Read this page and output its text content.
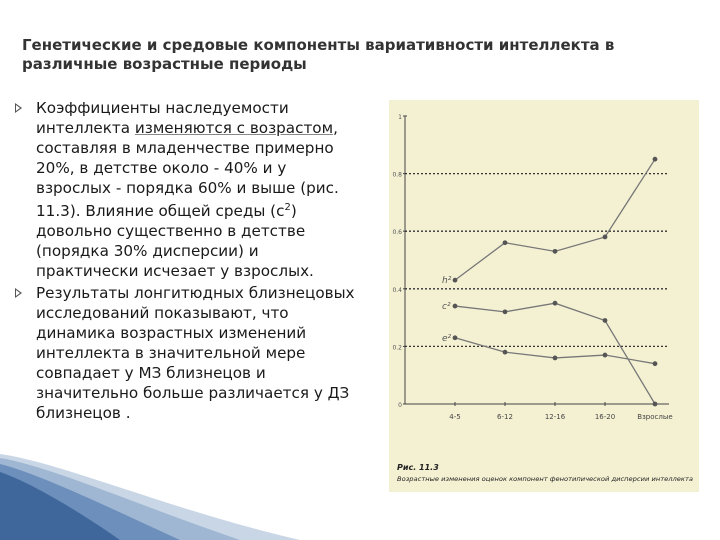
Генетические и средовые компоненты вариативности интеллекта в
различные возрастные периоды
Коэффициенты наследуемости
интеллекта изменяются с возрастом,
составляя в младенчестве примерно
20%, в детстве около - 40% и у
взрослых - порядка 60% и выше (рис.
11.3). Влияние общей среды $(c^2)$
довольно существенно в детстве
(порядка 30% дисперсии) и
практически исчезает у взрослых.
Результаты лонгитюдных близнецовых
исследований показывают, что
динамика возрастных изменений
интеллекта в значительной мере
совпадает у МЗ близнецов и
значительно больше различается у ДЗ
близнецов .	0
0.2
0.4
0.6
0.8
1
4-5	6-12	12-16	16-20	Взрослые
h²
c²
e²
Рис. 11.3
Возрастные изменения оценок компонент фенотипической дисперсии интеллекта
